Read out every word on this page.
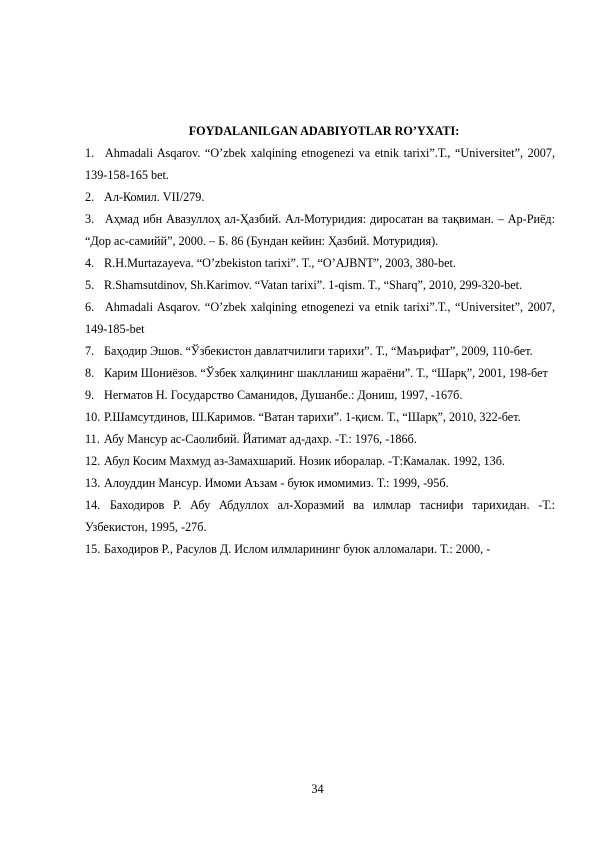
FOYDALANILGAN ADABIYOTLAR RO’YXATI:
1. Ahmadali Asqarov. “O’zbek xalqining etnogenezi va etnik tarixi”.T., “Universitet”, 2007, 139-158-165 bet.
2. Ал-Комил. VII/279.
3. Аҳмад ибн Авазуллоҳ ал-Ҳазбий. Ал-Мотуридия: диросатан ва тақвиман. – Ар-Риёд: “Дор ас-самийй”, 2000. – Б. 86 (Бундан кейин: Ҳазбий. Мотуридия).
4. R.H.Murtazayeva. “O’zbekiston tarixi”. T., “O’AJBNT”, 2003, 380-bet.
5. R.Shamsutdinov, Sh.Karimov. “Vatan tarixi”. 1-qism. T., “Sharq”, 2010, 299-320-bet.
6. Ahmadali Asqarov. “O’zbek xalqining etnogenezi va etnik tarixi”.T., “Universitet”, 2007, 149-185-bet
7. Баҳодир Эшов. “Ўзбекистон давлатчилиги тарихи”. Т., “Маърифат”, 2009, 110-бет.
8. Карим Шониёзов. “Ўзбек халқининг шаклланиш жараёни”. Т., “Шарқ”, 2001, 198-бет
9. Негматов Н. Государство Саманидов, Душанбе.: Дониш, 1997, -167б.
10. Р.Шамсутдинов, Ш.Каримов. “Ватан тарихи”. 1-қисм. Т., “Шарқ”, 2010, 322-бет.
11. Абу Мансур ас-Саолибий. Йатимат ад-дахр. -Т.: 1976, -186б.
12. Абул Косим Махмуд аз-Замахшарий. Нозик иборалар. -Т:Камалак. 1992, 13б.
13. Алоуддин Мансур. Имоми Аъзам - буюк имомимиз. Т.: 1999, -95б.
14. Баходиров Р. Абу Абдуллох ал-Хоразмий ва илмлар таснифи тарихидан. -Т.: Узбекистон, 1995, -27б.
15. Баходиров Р., Расулов Д. Ислом илмларининг буюк алломалари. Т.: 2000, -
34
